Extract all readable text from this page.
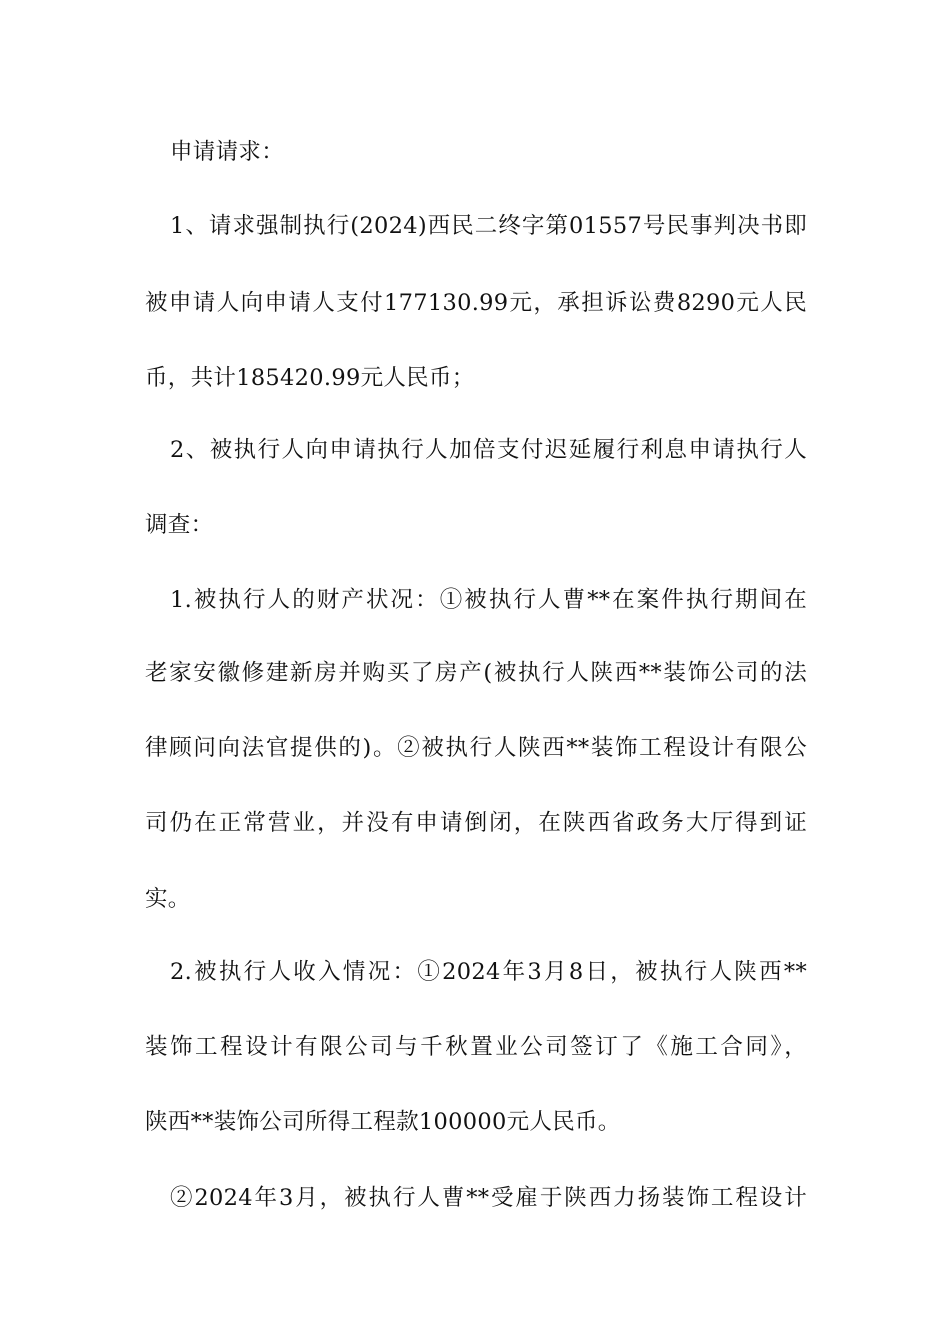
申请请求：
1、请求强制执行(2024)西民二终字第01557号民事判决书即
被申请人向申请人支付177130.99元，承担诉讼费8290元人民
币，共计185420.99元人民币；
2、被执行人向申请执行人加倍支付迟延履行利息申请执行人
调查：
1.被执行人的财产状况：①被执行人曹**在案件执行期间在
老家安徽修建新房并购买了房产(被执行人陕西**装饰公司的法
律顾问向法官提供的)。②被执行人陕西**装饰工程设计有限公
司仍在正常营业，并没有申请倒闭，在陕西省政务大厅得到证
实。
2.被执行人收入情况：①2024年3月8日，被执行人陕西**
装饰工程设计有限公司与千秋置业公司签订了《施工合同》，
陕西**装饰公司所得工程款100000元人民币。
②2024年3月，被执行人曹**受雇于陕西力扬装饰工程设计
